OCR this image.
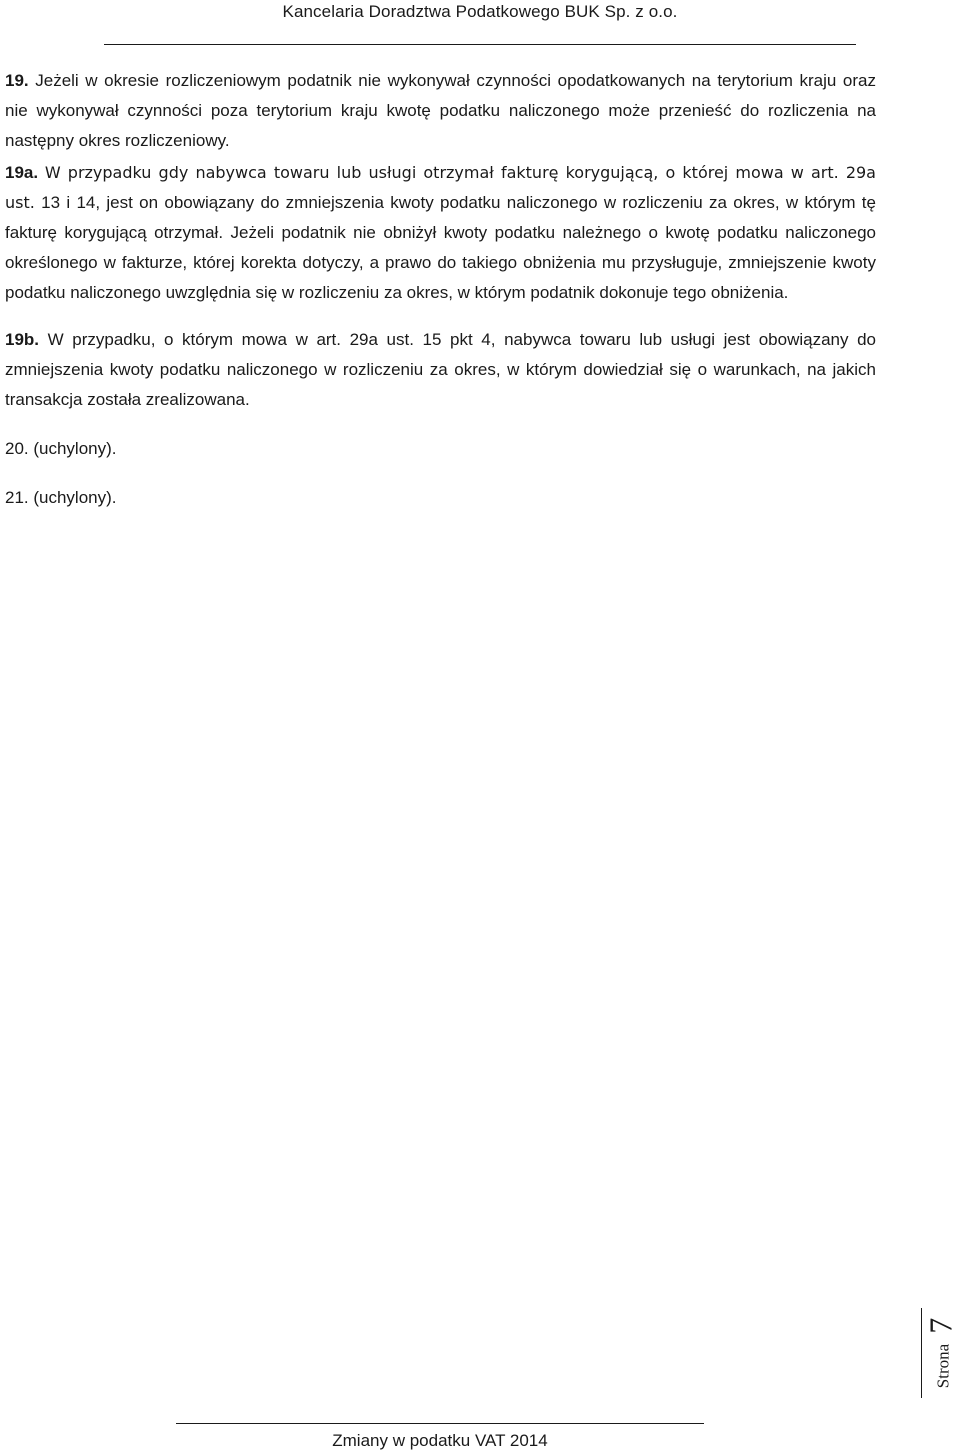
Kancelaria Doradztwa Podatkowego BUK Sp. z o.o.

19. Jeżeli w okresie rozliczeniowym podatnik nie wykonywał czynności opodatkowanych na terytorium kraju oraz nie wykonywał czynności poza terytorium kraju kwotę podatku naliczonego może przenieść do rozliczenia na następny okres rozliczeniowy.

19a. W przypadku gdy nabywca towaru lub usługi otrzymał fakturę korygującą, o której mowa w art. 29a ust. 13 i 14, jest on obowiązany do zmniejszenia kwoty podatku naliczonego w rozliczeniu za okres, w którym tę fakturę korygującą otrzymał. Jeżeli podatnik nie obniżył kwoty podatku należnego o kwotę podatku naliczonego określonego w fakturze, której korekta dotyczy, a prawo do takiego obniżenia mu przysługuje, zmniejszenie kwoty podatku naliczonego uwzględnia się w rozliczeniu za okres, w którym podatnik dokonuje tego obniżenia.

19b. W przypadku, o którym mowa w art. 29a ust. 15 pkt 4, nabywca towaru lub usługi jest obowiązany do zmniejszenia kwoty podatku naliczonego w rozliczeniu za okres, w którym dowiedział się o warunkach, na jakich transakcja została zrealizowana.

20. (uchylony).

21. (uchylony).

Strona 7
Zmiany w podatku VAT 2014
